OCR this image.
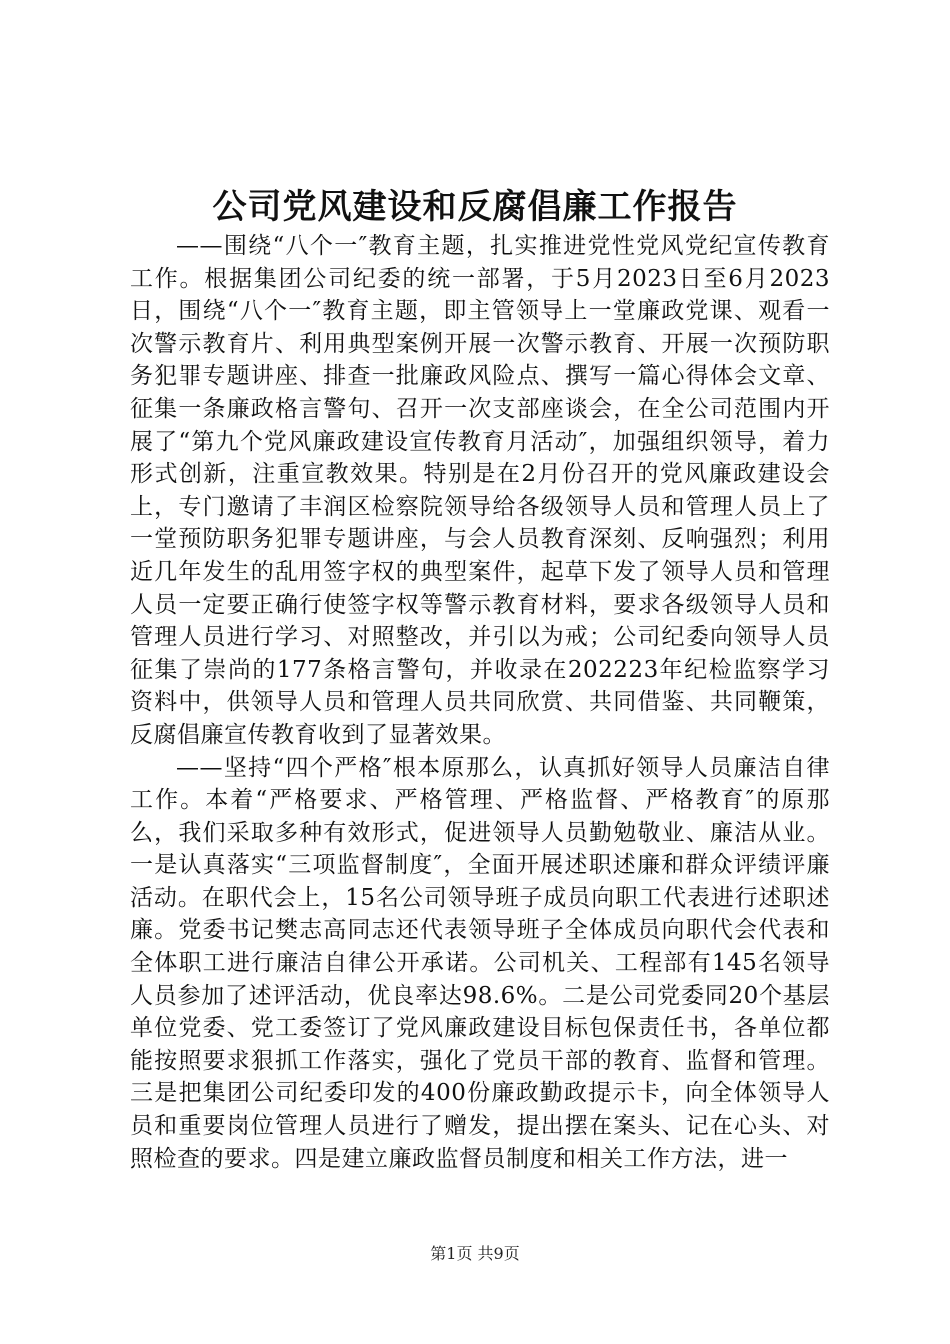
公司党风建设和反腐倡廉工作报告

——围绕“八个一″教育主题，扎实推进党性党风党纪宣传教育工作。根据集团公司纪委的统一部署，于5月2023日至6月2023日，围绕“八个一″教育主题，即主管领导上一堂廉政党课、观看一次警示教育片、利用典型案例开展一次警示教育、开展一次预防职务犯罪专题讲座、排查一批廉政风险点、撰写一篇心得体会文章、征集一条廉政格言警句、召开一次支部座谈会，在全公司范围内开展了“第九个党风廉政建设宣传教育月活动″，加强组织领导，着力形式创新，注重宣教效果。特别是在2月份召开的党风廉政建设会上，专门邀请了丰润区检察院领导给各级领导人员和管理人员上了一堂预防职务犯罪专题讲座，与会人员教育深刻、反响强烈；利用近几年发生的乱用签字权的典型案件，起草下发了领导人员和管理人员一定要正确行使签字权等警示教育材料，要求各级领导人员和管理人员进行学习、对照整改，并引以为戒；公司纪委向领导人员征集了崇尚的177条格言警句，并收录在202223年纪检监察学习资料中，供领导人员和管理人员共同欣赏、共同借鉴、共同鞭策，反腐倡廉宣传教育收到了显著效果。

——坚持“四个严格″根本原那么，认真抓好领导人员廉洁自律工作。本着“严格要求、严格管理、严格监督、严格教育″的原那么，我们采取多种有效形式，促进领导人员勤勉敬业、廉洁从业。一是认真落实“三项监督制度″，全面开展述职述廉和群众评绩评廉活动。在职代会上，15名公司领导班子成员向职工代表进行述职述廉。党委书记樊志高同志还代表领导班子全体成员向职代会代表和全体职工进行廉洁自律公开承诺。公司机关、工程部有145名领导人员参加了述评活动，优良率达98.6%。二是公司党委同20个基层单位党委、党工委签订了党风廉政建设目标包保责任书，各单位都能按照要求狠抓工作落实，强化了党员干部的教育、监督和管理。三是把集团公司纪委印发的400份廉政勤政提示卡，向全体领导人员和重要岗位管理人员进行了赠发，提出摆在案头、记在心头、对照检查的要求。四是建立廉政监督员制度和相关工作方法，进一

第1页 共9页
